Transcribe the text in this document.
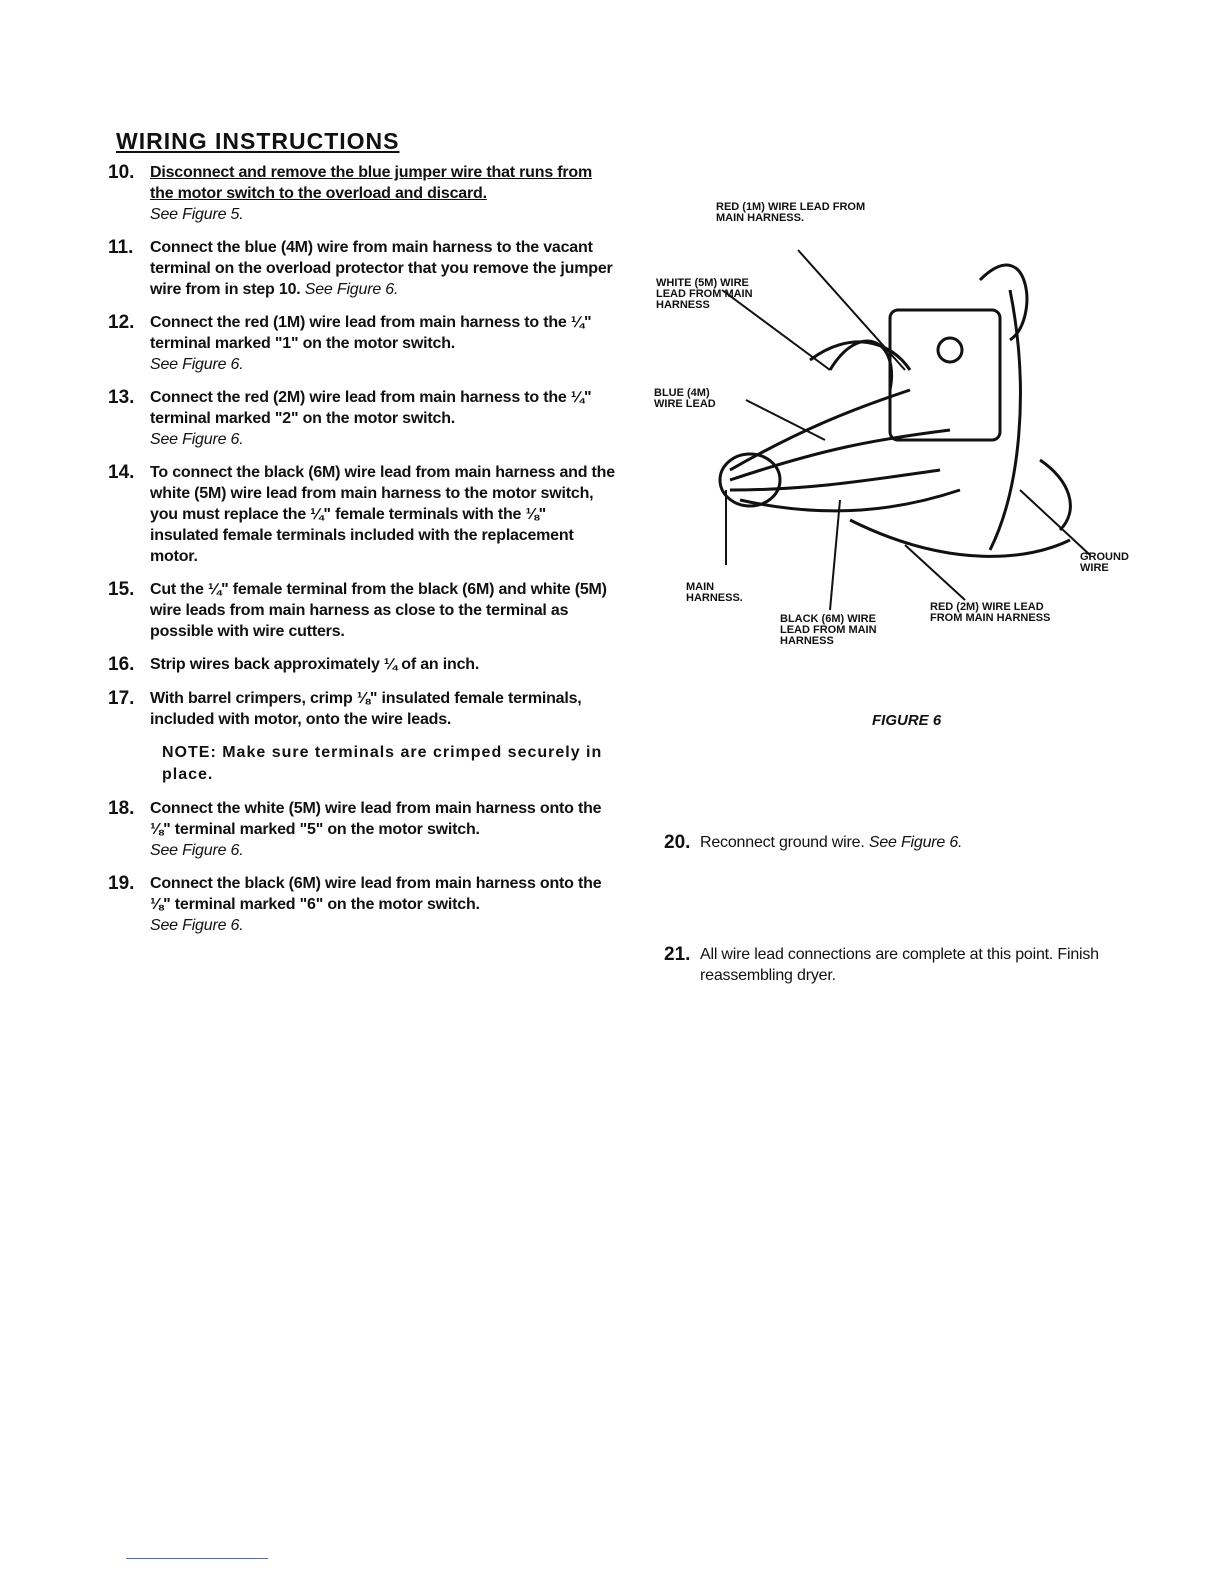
WIRING INSTRUCTIONS
10. Disconnect and remove the blue jumper wire that runs from the motor switch to the overload and discard.
See Figure 5.
11.	Connect the blue (4M) wire from main harness to the vacant terminal on the overload protector that you remove the jumper wire from in step 10. See Figure 6.
12. Connect the red (1M) wire lead from main harness to the ¼" terminal marked "1" on the motor switch.
See Figure 6.
13. Connect the red (2M) wire lead from main harness to the ¼" terminal marked "2" on the motor switch.
See Figure 6.
14. To connect the black (6M) wire lead from main harness and the white (5M) wire lead from main harness to the motor switch, you must replace the ¼" female terminals with the ⅛" insulated female terminals included with the replacement motor.
15. Cut the ¼" female terminal from the black (6M) and white (5M) wire leads from main harness as close to the terminal as possible with wire cutters.
16. Strip wires back approximately ¼ of an inch.
17. With barrel crimpers, crimp ⅛" insulated female terminals, included with motor, onto the wire leads.
NOTE: Make sure terminals are crimped securely in place.
18. Connect the white (5M) wire lead from main harness onto the ⅛" terminal marked "5" on the motor switch.
See Figure 6.
19. Connect the black (6M) wire lead from main harness onto the ⅛" terminal marked "6" on the motor switch.
See Figure 6.
RED (1M) WIRE LEAD FROM MAIN HARNESS.
WHITE (5M) WIRE LEAD FROM MAIN HARNESS
BLUE (4M) WIRE LEAD
MAIN HARNESS.
BLACK (6M) WIRE LEAD FROM MAIN HARNESS
RED (2M) WIRE LEAD FROM MAIN HARNESS
GROUND WIRE
FIGURE 6
20. Reconnect ground wire. See Figure 6.
21. All wire lead connections are complete at this point. Finish reassembling dryer.
